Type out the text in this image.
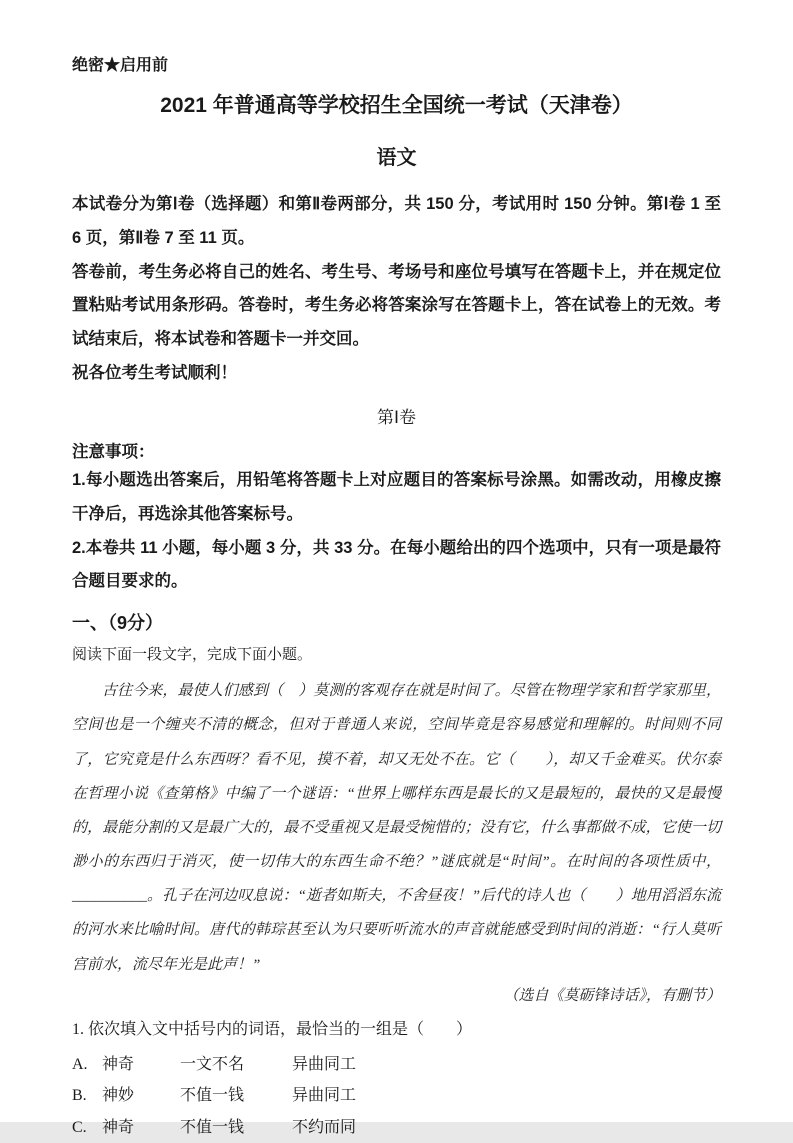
绝密★启用前
2021 年普通高等学校招生全国统一考试（天津卷）
语文

本试卷分为第Ⅰ卷（选择题）和第Ⅱ卷两部分，共 150 分，考试用时 150 分钟。第Ⅰ卷 1 至 6 页，第Ⅱ卷 7 至 11 页。

答卷前，考生务必将自己的姓名、考生号、考场号和座位号填写在答题卡上，并在规定位置粘贴考试用条形码。答卷时，考生务必将答案涂写在答题卡上，答在试卷上的无效。考试结束后，将本试卷和答题卡一并交回。

祝各位考生考试顺利！

第Ⅰ卷
注意事项：

1.每小题选出答案后，用铅笔将答题卡上对应题目的答案标号涂黑。如需改动，用橡皮擦干净后，再选涂其他答案标号。

2.本卷共 11 小题，每小题 3 分，共 33 分。在每小题给出的四个选项中，只有一项是最符合题目要求的。

一、（9分）
阅读下面一段文字，完成下面小题。

古往今来，最使人们感到（　）莫测的客观存在就是时间了。尽管在物理学家和哲学家那里，空间也是一个缠夹不清的概念，但对于普通人来说，空间毕竟是容易感觉和理解的。时间则不同了，它究竟是什么东西呀？看不见，摸不着，却又无处不在。它（　　），却又千金难买。伏尔泰在哲理小说《查第格》中编了一个谜语：“世界上哪样东西是最长的又是最短的，最快的又是最慢的，最能分割的又是最广大的，最不受重视又是最受惋惜的；没有它，什么事都做不成，它使一切渺小的东西归于消灭，使一切伟大的东西生命不绝？”谜底就是“时间”。在时间的各项性质中，__________。孔子在河边叹息说：“逝者如斯夫，不舍昼夜！”后代的诗人也（　　）地用滔滔东流的河水来比喻时间。唐代的韩琮甚至认为只要听听流水的声音就能感受到时间的消逝：“行人莫听宫前水，流尽年光是此声！”

（选自《莫砺锋诗话》，有删节）
1. 依次填入文中括号内的词语，最恰当的一组是（　　）
A. 神奇	一文不名	异曲同工
B. 神妙	不值一钱	异曲同工
C. 神奇	不值一钱	不约而同
